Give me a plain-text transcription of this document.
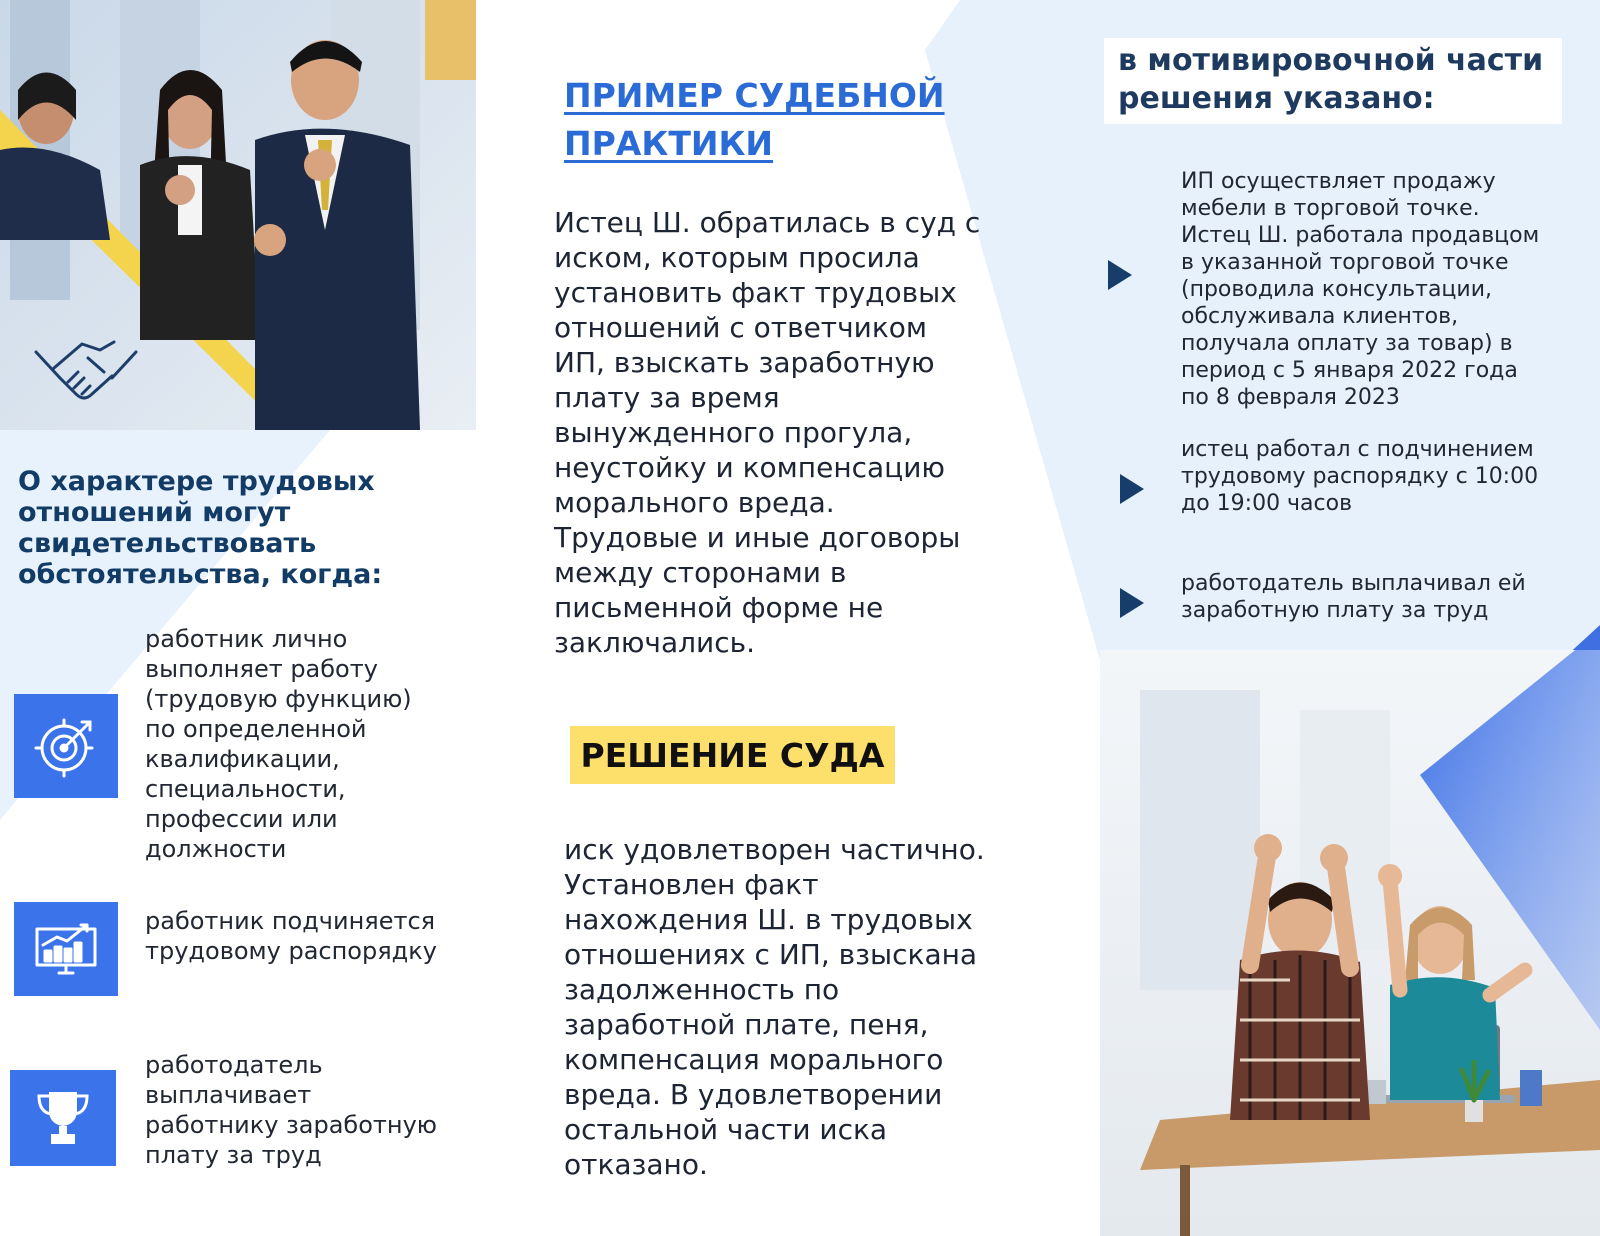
О характере трудовых отношений могут свидетельствовать обстоятельства, когда:
работник лично выполняет работу (трудовую функцию) по определенной квалификации, специальности, профессии или должности
работник подчиняется трудовому распорядку
работодатель выплачивает работнику заработную плату за труд
ПРИМЕР СУДЕБНОЙ ПРАКТИКИ
Истец Ш. обратилась в суд с иском, которым просила установить факт трудовых отношений с ответчиком ИП, взыскать заработную плату за время вынужденного прогула, неустойку и компенсацию морального вреда. Трудовые и иные договоры между сторонами в письменной форме не заключались.
РЕШЕНИЕ СУДА
иск удовлетворен частично. Установлен факт нахождения Ш. в трудовых отношениях с ИП, взыскана задолженность по заработной плате, пеня, компенсация морального вреда. В удовлетворении остальной части иска отказано.
в мотивировочной части решения указано:
ИП осуществляет продажу мебели в торговой точке. Истец Ш. работала продавцом в указанной торговой точке (проводила консультации, обслуживала клиентов, получала оплату за товар) в период с 5 января 2022 года по 8 февраля 2023
истец работал с подчинением трудовому распорядку с 10:00 до 19:00 часов
работодатель выплачивал ей заработную плату за труд
